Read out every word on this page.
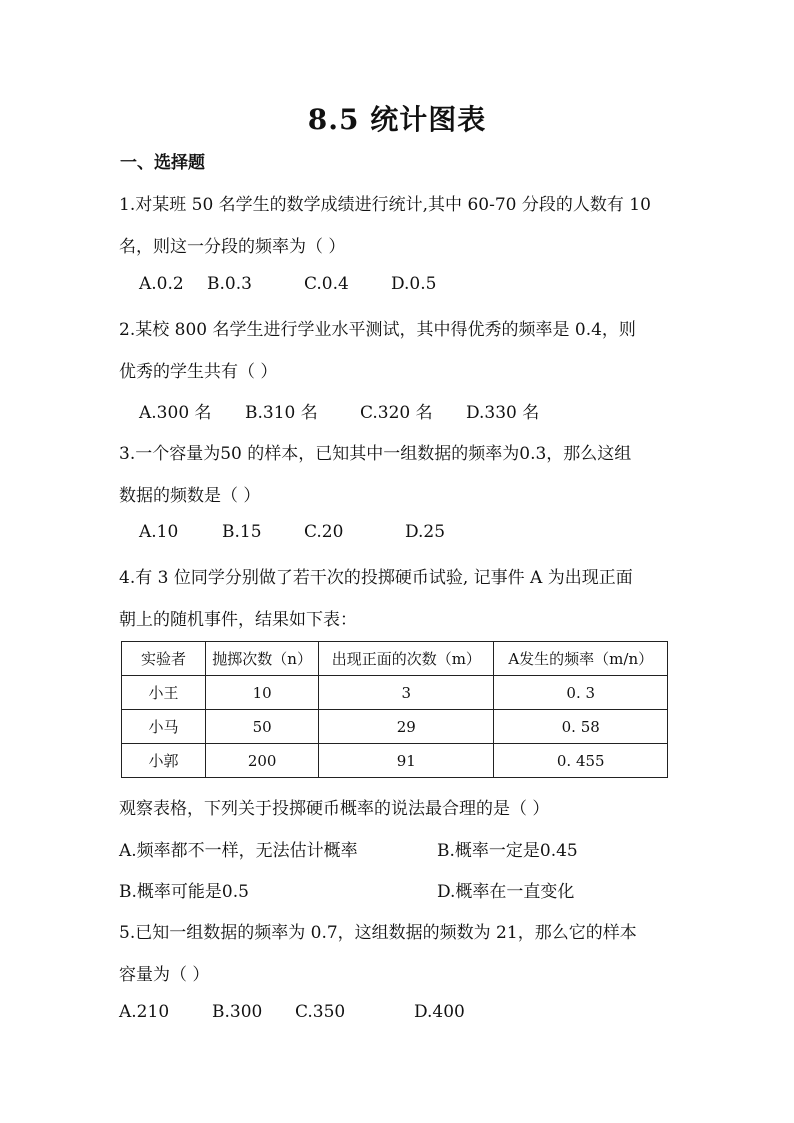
8.5 统计图表
一、选择题
1.对某班 50 名学生的数学成绩进行统计,其中 60-70 分段的人数有 10
名，则这一分段的频率为（ ）
A.0.2 B.0.3	C.0.4 D.0.5
2.某校 800 名学生进行学业水平测试，其中得优秀的频率是 0.4，则
优秀的学生共有（ ）
A.300 名 B.310 名 C.320 名 D.330 名
3.一个容量为50 的样本，已知其中一组数据的频率为0.3，那么这组
数据的频数是（ ）
A.10	B.15 C.20	D.25
4.有 3 位同学分别做了若干次的投掷硬币试验, 记事件 A 为出现正面
朝上的随机事件，结果如下表：
实验者	抛掷次数（n）	出现正面的次数（m）	A发生的频率（m/n）
小王	10	3	0. 3
小马	50	29	0. 58
小郭	200	91	0. 455
观察表格，下列关于投掷硬币概率的说法最合理的是（ ）
A.频率都不一样，无法估计概率	B.概率一定是0.45
B.概率可能是0.5	D.概率在一直变化
5.已知一组数据的频率为 0.7，这组数据的频数为 21，那么它的样本
容量为（ ）
A.210	B.300 C.350	D.400
